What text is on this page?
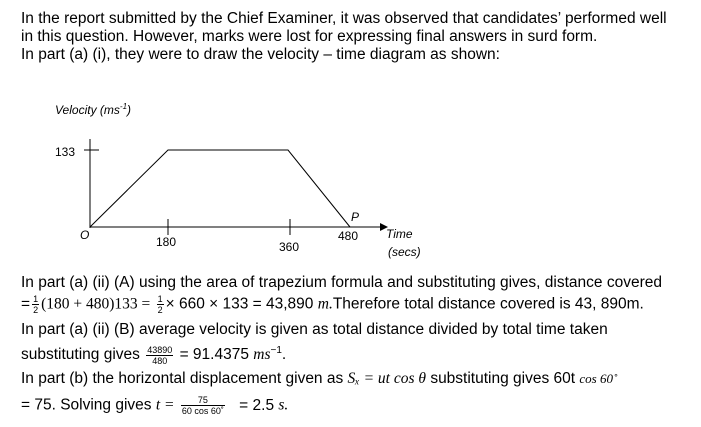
In the report submitted by the Chief Examiner, it was observed that candidates’ performed well
in this question. However, marks were lost for expressing final answers in surd form.
In part (a) (i), they were to draw the velocity – time diagram as shown:
Velocity $(ms^{-1})$
133
O	180	360
480
P
Time
(secs)
In part (a) (ii) (A) using the area of trapezium formula and substituting gives, distance covered
= $\frac{1}{2} (180 + 480)133 = \frac{1}{2} \times 660 \times 133 = 43,890$ m.Therefore total distance covered is 43, 890m.
In part (a) (ii) (B) average velocity is given as total distance divided by total time taken
substituting gives $\frac{43890}{480} = 91.4375$ $ms^{-1}$.
In part (b) the horizontal displacement given as Sₓ = ut cos θ substituting gives 60t cos 60˚
= 75. Solving gives $t = \frac{75}{60 \cos 60˚} = 2.5$ s.
